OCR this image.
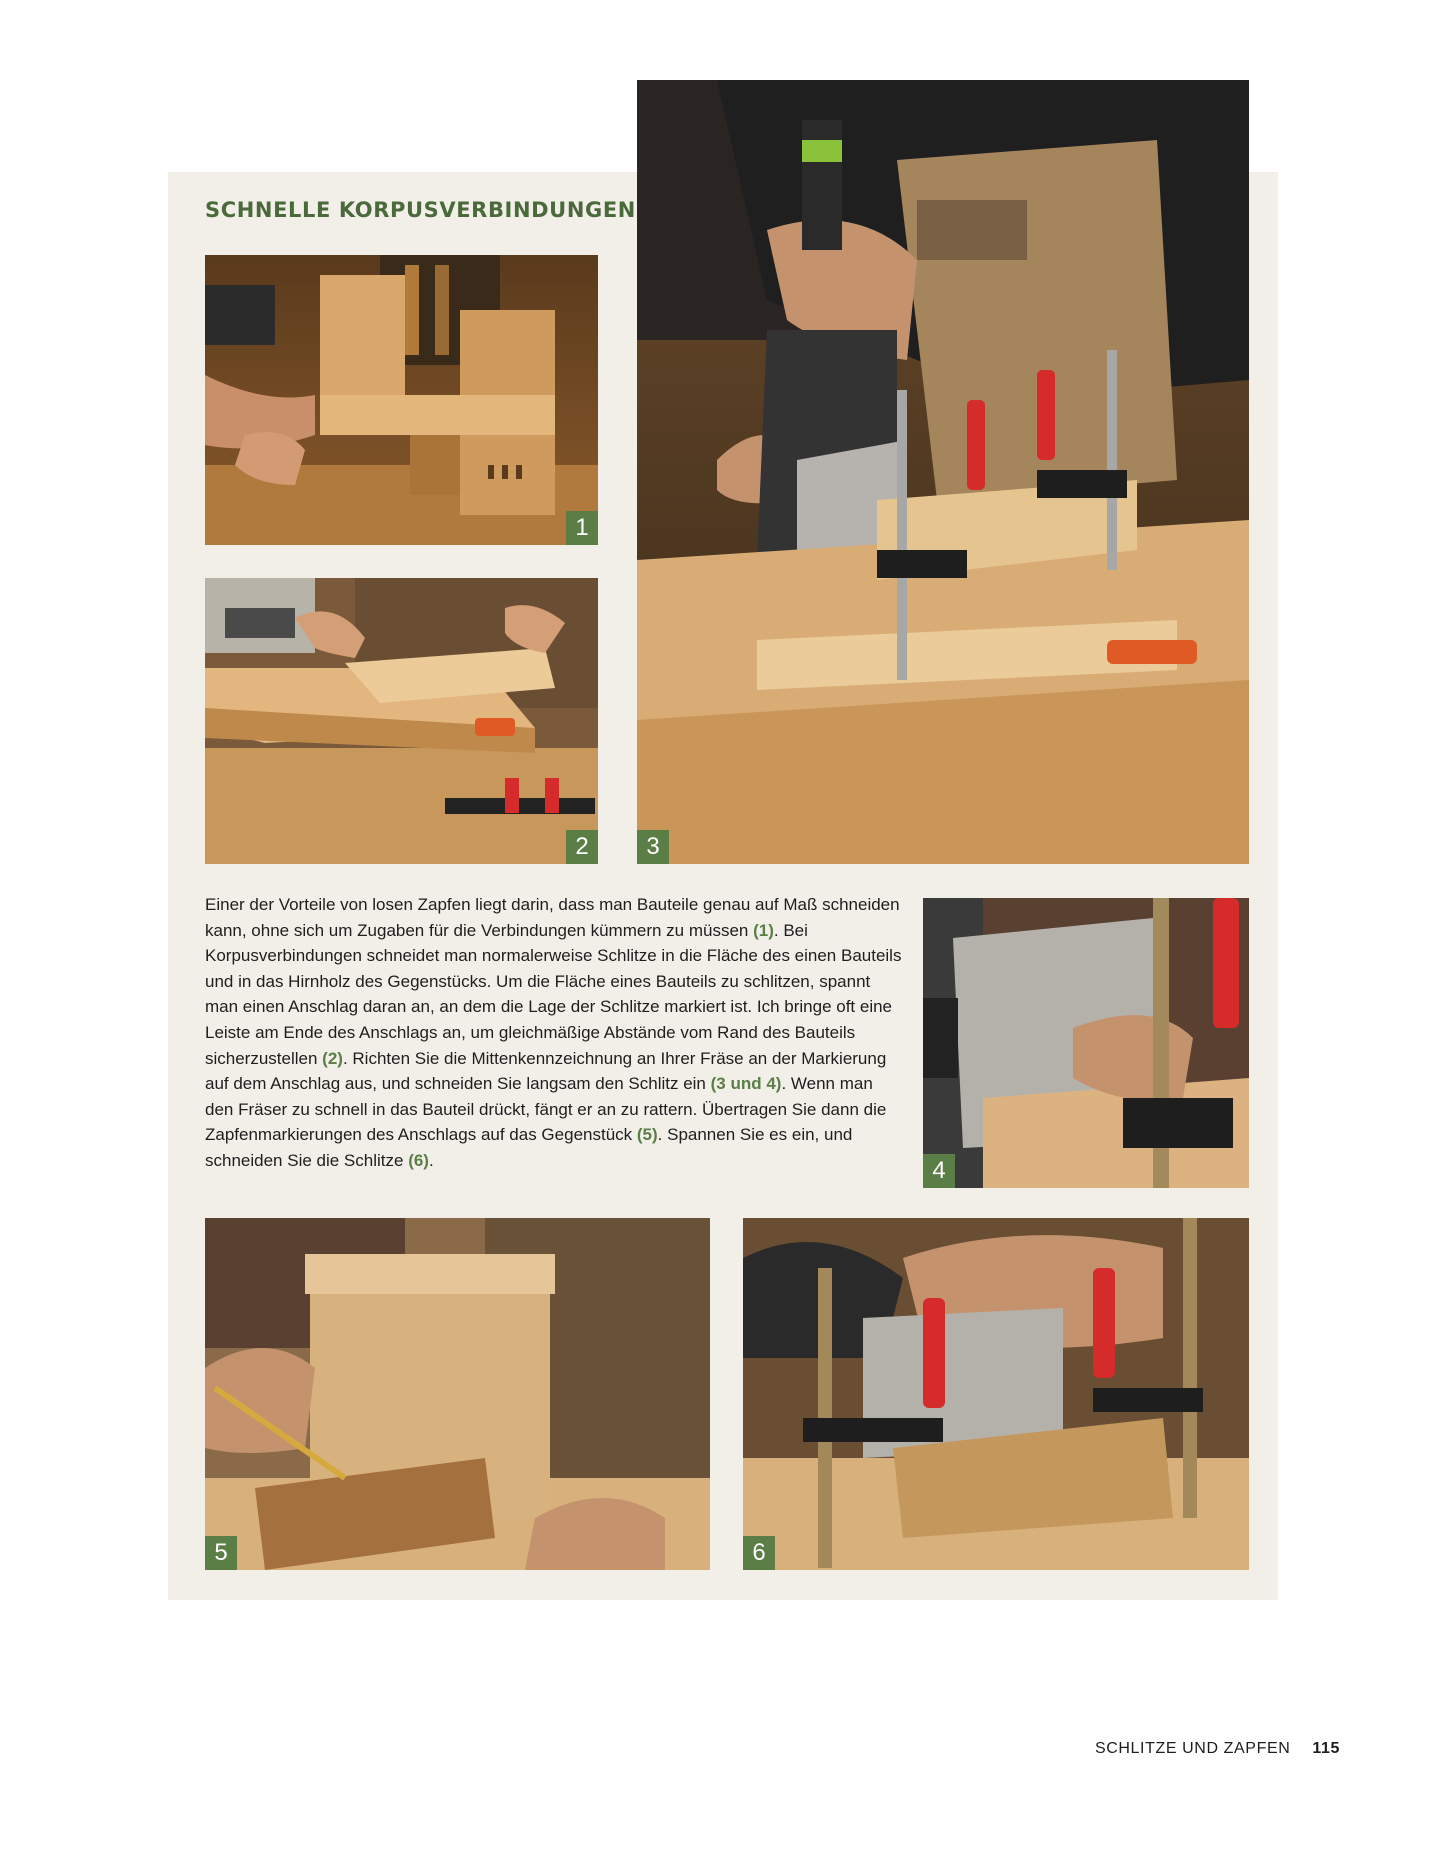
SCHNELLE KORPUSVERBINDUNGEN
1
2	3

Einer der Vorteile von losen Zapfen liegt darin, dass man Bauteile genau auf Maß schneiden kann, ohne sich um Zugaben für die Verbindungen kümmern zu müssen (1). Bei Korpusverbindungen schneidet man normalerweise Schlitze in die Fläche des einen Bauteils und in das Hirnholz des Gegenstücks. Um die Fläche eines Bauteils zu schlitzen, spannt man einen Anschlag daran an, an dem die Lage der Schlitze markiert ist. Ich bringe oft eine Leiste am Ende des Anschlags an, um gleichmäßige Abstände vom Rand des Bauteils sicherzustellen (2). Richten Sie die Mittenkennzeichnung an Ihrer Fräse an der Markierung auf dem Anschlag aus, und schneiden Sie langsam den Schlitz ein (3 und 4). Wenn man den Fräser zu schnell in das Bauteil drückt, fängt er an zu rattern. Übertragen Sie dann die Zapfenmarkierungen des Anschlags auf das Gegenstück (5). Spannen Sie es ein, und schneiden Sie die Schlitze (6).	4
5	6

SCHLITZE UND ZAPFEN 115
